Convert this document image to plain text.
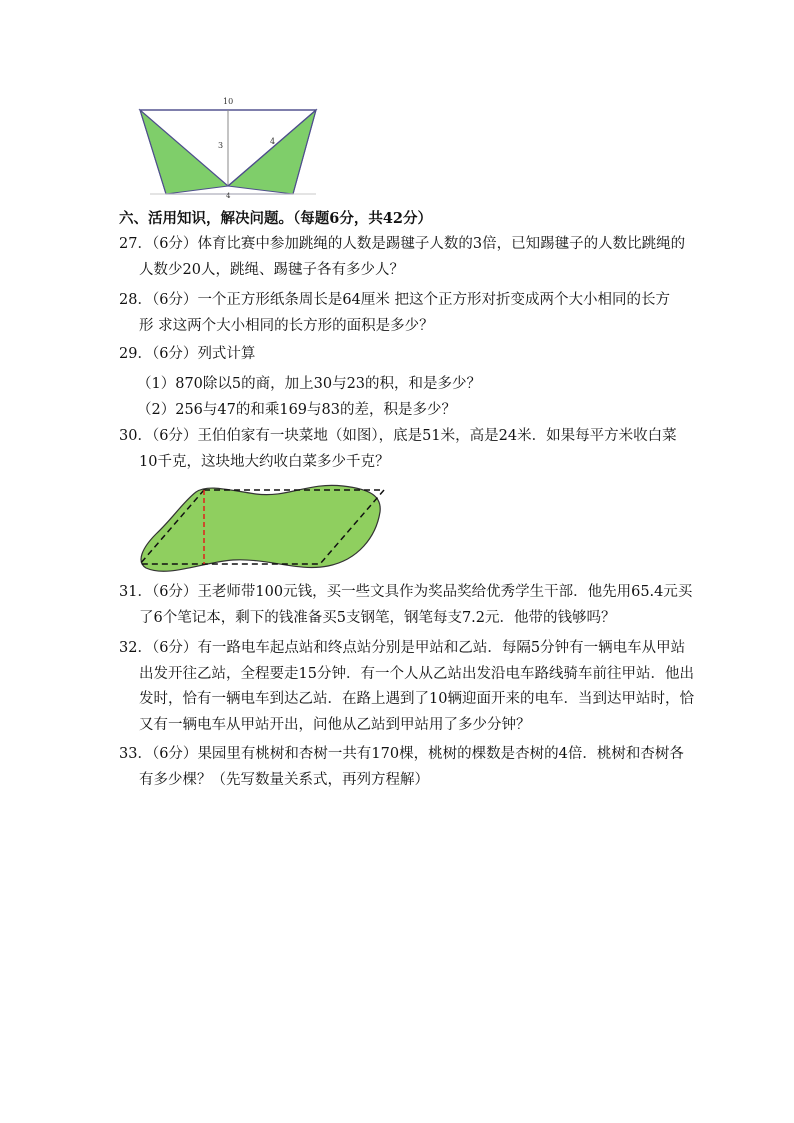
10
3	4
4
六、活用知识，解决问题。（每题6分，共42分）
27．（6分）体育比赛中参加跳绳的人数是踢毽子人数的3倍，已知踢毽子的人数比跳绳的
人数少20人，跳绳、踢毽子各有多少人？
28．（6分）一个正方形纸条周长是64厘米 把这个正方形对折变成两个大小相同的长方
形 求这两个大小相同的长方形的面积是多少？
29．（6分）列式计算
（1）870除以5的商，加上30与23的积，和是多少？
（2）256与47的和乘169与83的差，积是多少？
30．（6分）王伯伯家有一块菜地（如图），底是51米，高是24米．如果每平方米收白菜
10千克，这块地大约收白菜多少千克？
31．（6分）王老师带100元钱，买一些文具作为奖品奖给优秀学生干部．他先用65.4元买
了6个笔记本，剩下的钱准备买5支钢笔，钢笔每支7.2元．他带的钱够吗？
32．（6分）有一路电车起点站和终点站分别是甲站和乙站．每隔5分钟有一辆电车从甲站
出发开往乙站，全程要走15分钟．有一个人从乙站出发沿电车路线骑车前往甲站．他出
发时，恰有一辆电车到达乙站．在路上遇到了10辆迎面开来的电车．当到达甲站时，恰
又有一辆电车从甲站开出，问他从乙站到甲站用了多少分钟？
33．（6分）果园里有桃树和杏树一共有170棵，桃树的棵数是杏树的4倍．桃树和杏树各
有多少棵？（先写数量关系式，再列方程解）
